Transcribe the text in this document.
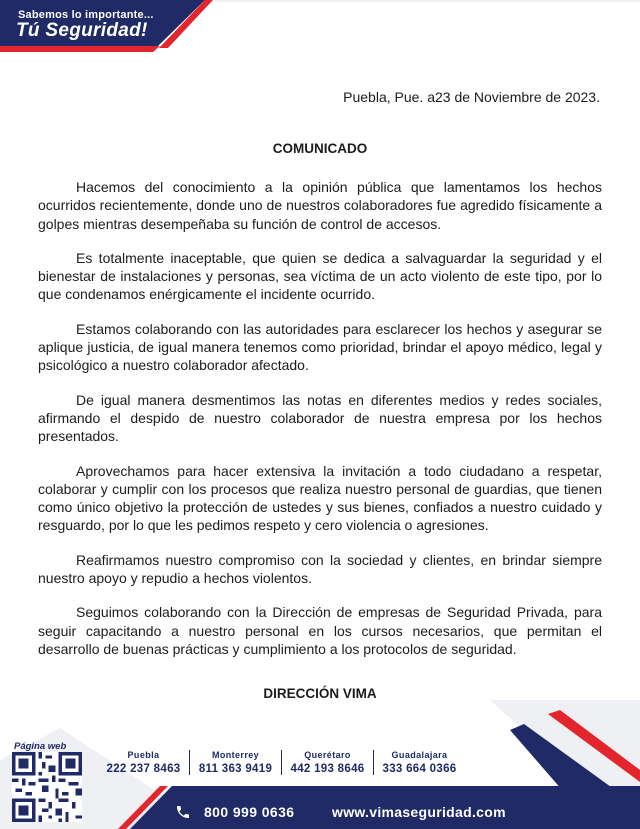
Sabemos lo importante...
Tú Seguridad!
Puebla, Pue. a23 de Noviembre de 2023.
COMUNICADO

Hacemos del conocimiento a la opinión pública que lamentamos los hechos ocurridos recientemente, donde uno de nuestros colaboradores fue agredido físicamente a golpes mientras desempeñaba su función de control de accesos.

Es totalmente inaceptable, que quien se dedica a salvaguardar la seguridad y el bienestar de instalaciones y personas, sea víctima de un acto violento de este tipo, por lo que condenamos enérgicamente el incidente ocurrido.

Estamos colaborando con las autoridades para esclarecer los hechos y asegurar se aplique justicia, de igual manera tenemos como prioridad, brindar el apoyo médico, legal y psicológico a nuestro colaborador afectado.

De igual manera desmentimos las notas en diferentes medios y redes sociales, afirmando el despido de nuestro colaborador de nuestra empresa por los hechos presentados.

Aprovechamos para hacer extensiva la invitación a todo ciudadano a respetar, colaborar y cumplir con los procesos que realiza nuestro personal de guardias, que tienen como único objetivo la protección de ustedes y sus bienes, confiados a nuestro cuidado y resguardo, por lo que les pedimos respeto y cero violencia o agresiones.

Reafirmamos nuestro compromiso con la sociedad y clientes, en brindar siempre nuestro apoyo y repudio a hechos violentos.

Seguimos colaborando con la Dirección de empresas de Seguridad Privada, para seguir capacitando a nuestro personal en los cursos necesarios, que permitan el desarrollo de buenas prácticas y cumplimiento a los protocolos de seguridad.

DIRECCIÓN VIMA
Página web
Puebla
222 237 8463
Monterrey
811 363 9419
Querétaro
442 193 8646
Guadalajara
333 664 0366
800 999 0636	www.vimaseguridad.com
